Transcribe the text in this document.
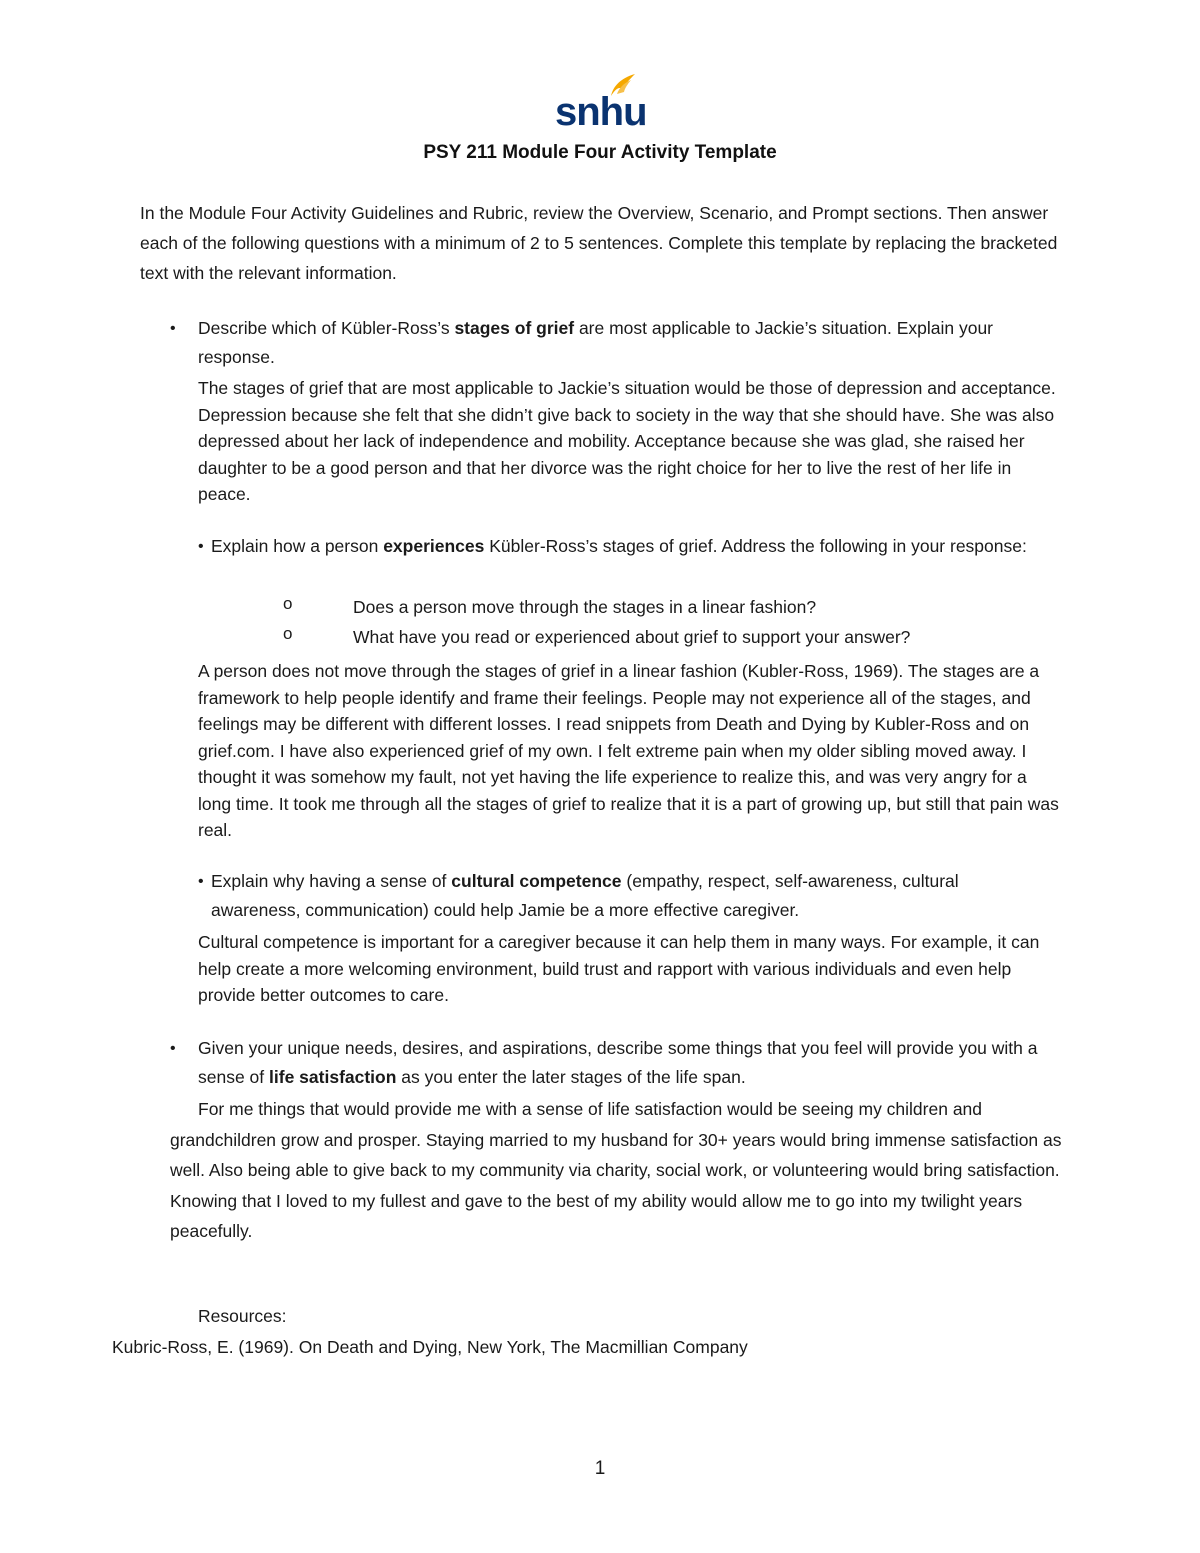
snhu
PSY 211 Module Four Activity Template

In the Module Four Activity Guidelines and Rubric, review the Overview, Scenario, and Prompt sections. Then answer each of the following questions with a minimum of 2 to 5 sentences. Complete this template by replacing the bracketed text with the relevant information.

• Describe which of Kübler-Ross’s stages of grief are most applicable to Jackie’s situation. Explain your response.

The stages of grief that are most applicable to Jackie’s situation would be those of depression and acceptance. Depression because she felt that she didn’t give back to society in the way that she should have. She was also depressed about her lack of independence and mobility. Acceptance because she was glad, she raised her daughter to be a good person and that her divorce was the right choice for her to live the rest of her life in peace.

• Explain how a person experiences Kübler-Ross’s stages of grief. Address the following in your response:

o	Does a person move through the stages in a linear fashion?
o	What have you read or experienced about grief to support your answer?

A person does not move through the stages of grief in a linear fashion (Kubler-Ross, 1969). The stages are a framework to help people identify and frame their feelings. People may not experience all of the stages, and feelings may be different with different losses. I read snippets from Death and Dying by Kubler-Ross and on grief.com. I have also experienced grief of my own. I felt extreme pain when my older sibling moved away. I thought it was somehow my fault, not yet having the life experience to realize this, and was very angry for a long time. It took me through all the stages of grief to realize that it is a part of growing up, but still that pain was real.

• Explain why having a sense of cultural competence (empathy, respect, self-awareness, cultural awareness, communication) could help Jamie be a more effective caregiver.

Cultural competence is important for a caregiver because it can help them in many ways. For example, it can help create a more welcoming environment, build trust and rapport with various individuals and even help provide better outcomes to care.

• Given your unique needs, desires, and aspirations, describe some things that you feel will provide you with a sense of life satisfaction as you enter the later stages of the life span.

For me things that would provide me with a sense of life satisfaction would be seeing my children and grandchildren grow and prosper. Staying married to my husband for 30+ years would bring immense satisfaction as well. Also being able to give back to my community via charity, social work, or volunteering would bring satisfaction. Knowing that I loved to my fullest and gave to the best of my ability would allow me to go into my twilight years peacefully.

Resources:
Kubric-Ross, E. (1969). On Death and Dying, New York, The Macmillian Company
1
